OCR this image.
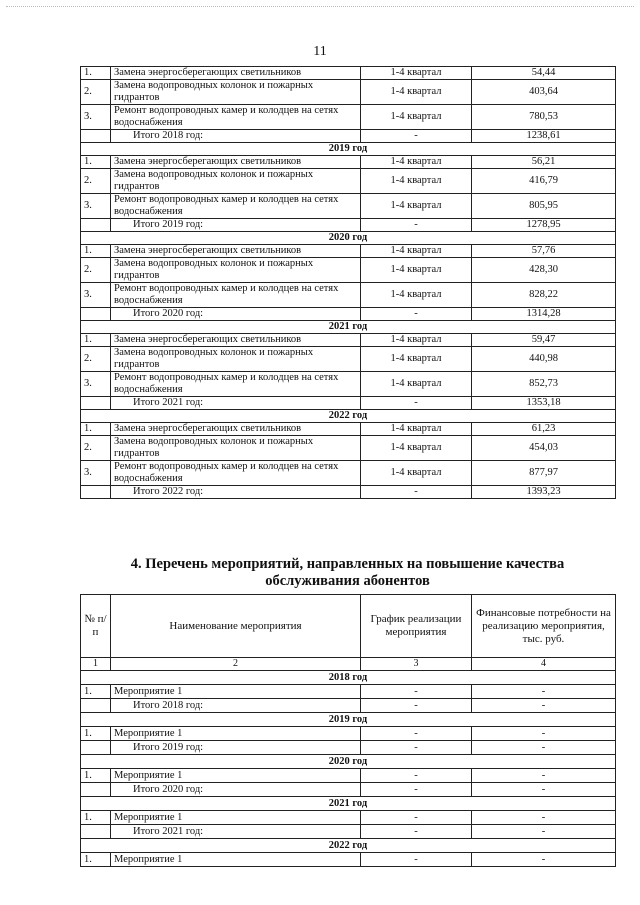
11
1.	Замена энергосберегающих светильников	1-4 квартал	54,44
2.	Замена водопроводных колонок и пожарных гидрантов	1-4 квартал	403,64
3.	Ремонт водопроводных камер и колодцев на сетях водоснабжения	1-4 квартал	780,53
	Итого 2018 год:	-	1238,61
2019 год			
1.	Замена энергосберегающих светильников	1-4 квартал	56,21
2.	Замена водопроводных колонок и пожарных гидрантов	1-4 квартал	416,79
3.	Ремонт водопроводных камер и колодцев на сетях водоснабжения	1-4 квартал	805,95
	Итого 2019 год:	-	1278,95
2020 год			
1.	Замена энергосберегающих светильников	1-4 квартал	57,76
2.	Замена водопроводных колонок и пожарных гидрантов	1-4 квартал	428,30
3.	Ремонт водопроводных камер и колодцев на сетях водоснабжения	1-4 квартал	828,22
	Итого 2020 год:	-	1314,28
2021 год			
1.	Замена энергосберегающих светильников	1-4 квартал	59,47
2.	Замена водопроводных колонок и пожарных гидрантов	1-4 квартал	440,98
3.	Ремонт водопроводных камер и колодцев на сетях водоснабжения	1-4 квартал	852,73
	Итого 2021 год:	-	1353,18
2022 год			
1.	Замена энергосберегающих светильников	1-4 квартал	61,23
2.	Замена водопроводных колонок и пожарных гидрантов	1-4 квартал	454,03
3.	Ремонт водопроводных камер и колодцев на сетях водоснабжения	1-4 квартал	877,97
	Итого 2022 год:	-	1393,23
4. Перечень мероприятий, направленных на повышение качества
обслуживания абонентов
№ п/п	Наименование мероприятия	График реализации мероприятия	Финансовые потребности на реализацию мероприятия, тыс. руб.
1	2	3	4
2018 год			
1.	Мероприятие 1	-	-
	Итого 2018 год:	-	-
2019 год			
1.	Мероприятие 1	-	-
	Итого 2019 год:	-	-
2020 год			
1.	Мероприятие 1	-	-
	Итого 2020 год:	-	-
2021 год			
1.	Мероприятие 1	-	-
	Итого 2021 год:	-	-
2022 год			
1.	Мероприятие 1	-	-
